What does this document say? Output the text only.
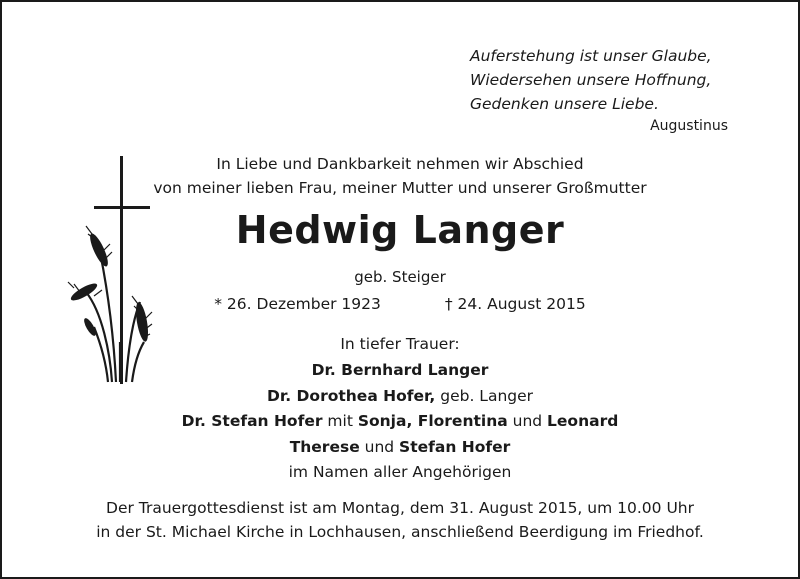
Auferstehung ist unser Glaube,
Wiedersehen unsere Hoffnung,
Gedenken unsere Liebe.
Augustinus
In Liebe und Dankbarkeit nehmen wir Abschied
von meiner lieben Frau, meiner Mutter und unserer Großmutter
Hedwig Langer
geb. Steiger
* 26. Dezember 1923	† 24. August 2015
In tiefer Trauer:
Dr. Bernhard Langer
Dr. Dorothea Hofer, geb. Langer
Dr. Stefan Hofer mit Sonja, Florentina und Leonard
Therese und Stefan Hofer
im Namen aller Angehörigen
Der Trauergottesdienst ist am Montag, dem 31. August 2015, um 10.00 Uhr
in der St. Michael Kirche in Lochhausen, anschließend Beerdigung im Friedhof.
